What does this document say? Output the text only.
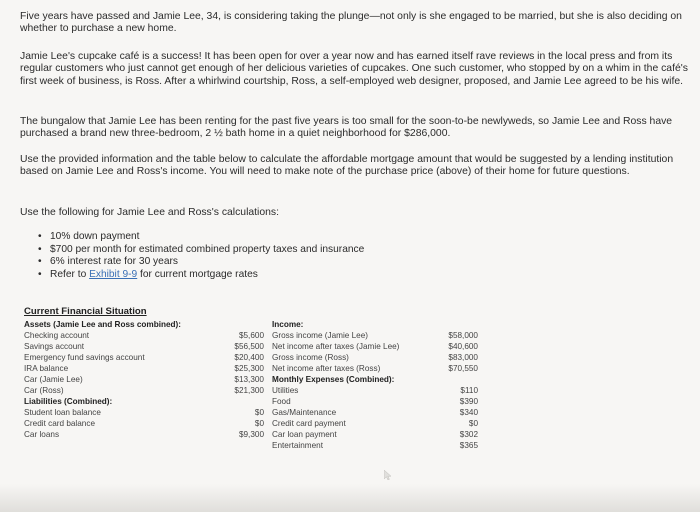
Five years have passed and Jamie Lee, 34, is considering taking the plunge—not only is she engaged to be married, but she is also deciding on whether to purchase a new home.
Jamie Lee's cupcake café is a success! It has been open for over a year now and has earned itself rave reviews in the local press and from its regular customers who just cannot get enough of her delicious varieties of cupcakes. One such customer, who stopped by on a whim in the café's first week of business, is Ross. After a whirlwind courtship, Ross, a self-employed web designer, proposed, and Jamie Lee agreed to be his wife.
The bungalow that Jamie Lee has been renting for the past five years is too small for the soon-to-be newlyweds, so Jamie Lee and Ross have purchased a brand new three-bedroom, 2 ½ bath home in a quiet neighborhood for $286,000.
Use the provided information and the table below to calculate the affordable mortgage amount that would be suggested by a lending institution based on Jamie Lee and Ross's income. You will need to make note of the purchase price (above) of their home for future questions.
Use the following for Jamie Lee and Ross's calculations:
• 10% down payment
• $700 per month for estimated combined property taxes and insurance
• 6% interest rate for 30 years
• Refer to Exhibit 9-9 for current mortgage rates
Current Financial Situation
Assets (Jamie Lee and Ross combined):
Checking account
Savings account
Emergency fund savings account
IRA balance
Car (Jamie Lee)
Car (Ross)
Liabilities (Combined):
Student loan balance
Credit card balance
Car loans
$5,600
$56,500
$20,400
$25,300
$13,300
$21,300
$0
$0
$9,300
Income:
Gross income (Jamie Lee)
Net income after taxes (Jamie Lee)
Gross income (Ross)
Net income after taxes (Ross)
Monthly Expenses (Combined):
Utilities
Food
Gas/Maintenance
Credit card payment
Car loan payment
Entertainment
$58,000
$40,600
$83,000
$70,550
$110
$390
$340
$0
$302
$365
